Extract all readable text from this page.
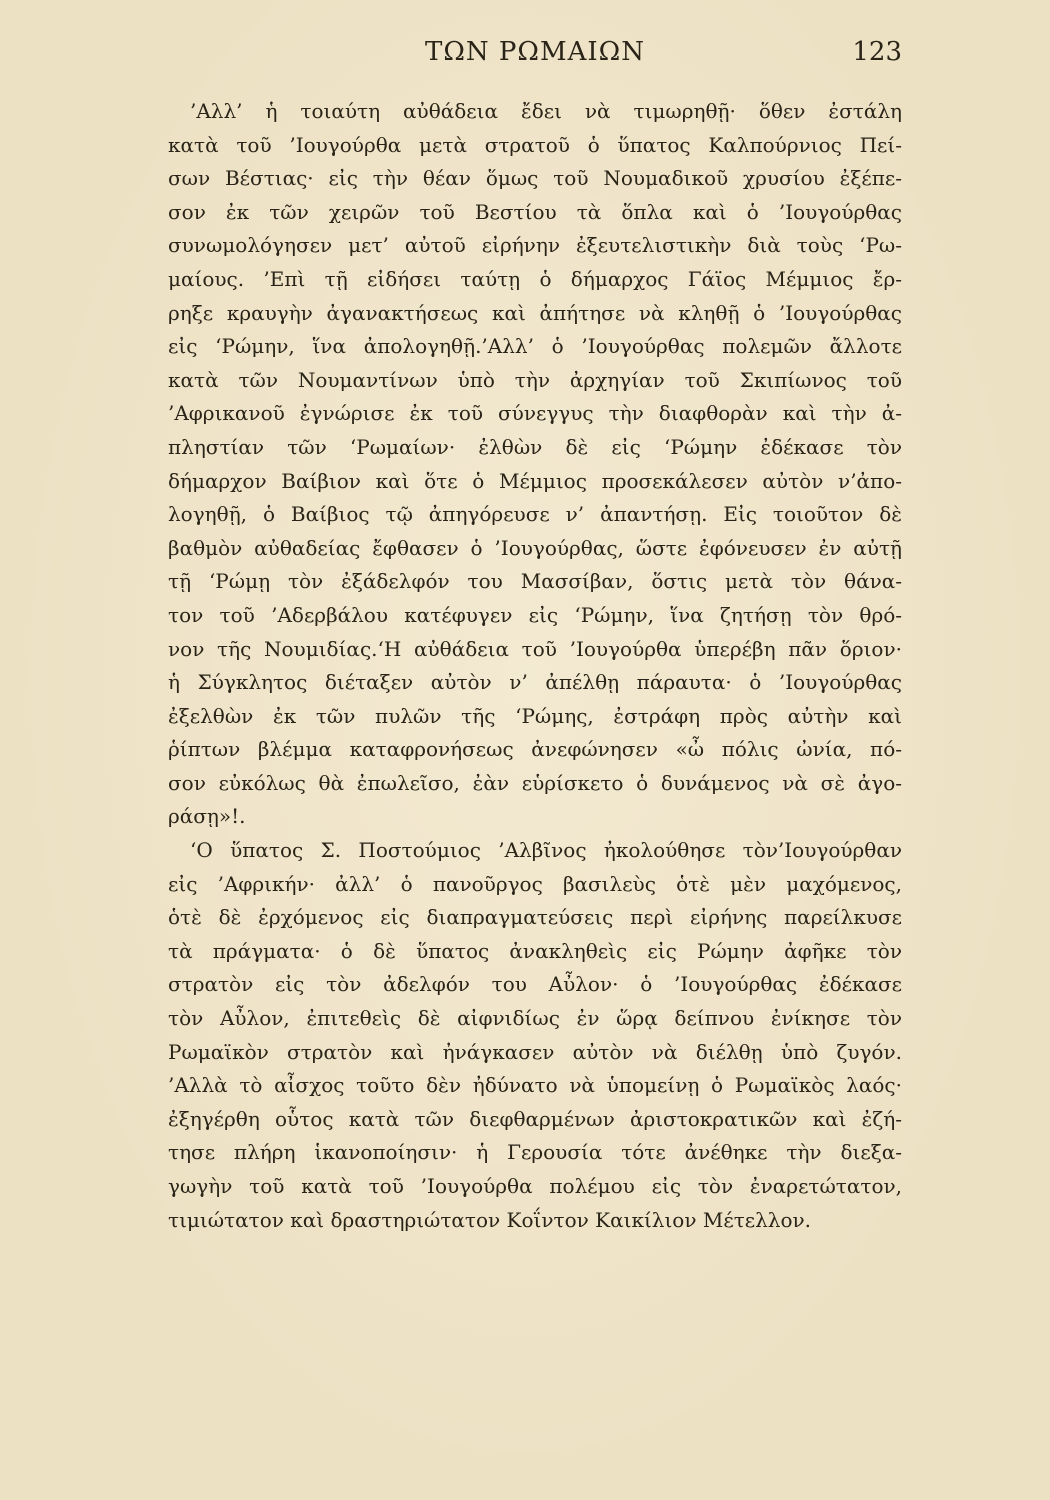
ΤΩΝ ΡΩΜΑΙΩΝ	123
’Αλλ’ ἡ τοιαύτη αὐθάδεια ἔδει νὰ τιμωρηθῇ· ὅθεν ἐστάλη
κατὰ τοῦ ’Ιουγούρθα μετὰ στρατοῦ ὁ ὕπατος Καλπούρνιος Πεί-
σων Βέστιας· εἰς τὴν θέαν ὅμως τοῦ Νουμαδικοῦ χρυσίου ἐξέπε-
σον ἐκ τῶν χειρῶν τοῦ Βεστίου τὰ ὅπλα καὶ ὁ ’Ιουγούρθας
συνωμολόγησεν μετ’ αὐτοῦ εἰρήνην ἐξευτελιστικὴν διὰ τοὺς ‘Ρω-
μαίους. ’Επὶ τῇ εἰδήσει ταύτῃ ὁ δήμαρχος Γάϊος Μέμμιος ἔρ-
ρηξε κραυγὴν ἀγανακτήσεως καὶ ἀπήτησε νὰ κληθῇ ὁ ’Ιουγούρθας
εἰς ‘Ρώμην, ἵνα ἀπολογηθῇ.’Αλλ’ ὁ ’Ιουγούρθας πολεμῶν ἄλλοτε
κατὰ τῶν Νουμαντίνων ὑπὸ τὴν ἀρχηγίαν τοῦ Σκιπίωνος τοῦ
’Αφρικανοῦ ἐγνώρισε ἐκ τοῦ σύνεγγυς τὴν διαφθορὰν καὶ τὴν ἀ-
πληστίαν τῶν ‘Ρωμαίων· ἐλθὼν δὲ εἰς ‘Ρώμην ἐδέκασε τὸν
δήμαρχον Βαίβιον καὶ ὅτε ὁ Μέμμιος προσεκάλεσεν αὐτὸν ν’ἀπο-
λογηθῇ, ὁ Βαίβιος τῷ ἀπηγόρευσε ν’ ἀπαντήσῃ. Εἰς τοιοῦτον δὲ
βαθμὸν αὐθαδείας ἔφθασεν ὁ ’Ιουγούρθας, ὥστε ἐφόνευσεν ἐν αὐτῇ
τῇ ‘Ρώμῃ τὸν ἐξάδελφόν του Μασσίβαν, ὅστις μετὰ τὸν θάνα-
τον τοῦ ’Αδερβάλου κατέφυγεν εἰς ‘Ρώμην, ἵνα ζητήσῃ τὸν θρό-
νον τῆς Νουμιδίας.‘Η αὐθάδεια τοῦ ’Ιουγούρθα ὑπερέβη πᾶν ὅριον·
ἡ Σύγκλητος διέταξεν αὐτὸν ν’ ἀπέλθῃ πάραυτα· ὁ ’Ιουγούρθας
ἐξελθὼν ἐκ τῶν πυλῶν τῆς ‘Ρώμης, ἐστράφη πρὸς αὐτὴν καὶ
ῥίπτων βλέμμα καταφρονήσεως ἀνεφώνησεν «ὦ πόλις ὠνία, πό-
σον εὐκόλως θὰ ἐπωλεῖσο, ἐὰν εὑρίσκετο ὁ δυνάμενος νὰ σὲ ἀγο-
ράσῃ»!.
‘Ο ὕπατος Σ. Ποστούμιος ’Αλβῖνος ἠκολούθησε τὸν’Ιουγούρθαν
εἰς ’Αφρικήν· ἀλλ’ ὁ πανοῦργος βασιλεὺς ὁτὲ μὲν μαχόμενος,
ὁτὲ δὲ ἐρχόμενος εἰς διαπραγματεύσεις περὶ εἰρήνης παρείλκυσε
τὰ πράγματα· ὁ δὲ ὕπατος ἀνακληθεὶς εἰς Ρώμην ἀφῆκε τὸν
στρατὸν εἰς τὸν ἀδελφόν του Αὖλον· ὁ ’Ιουγούρθας ἐδέκασε
τὸν Αὖλον, ἐπιτεθεὶς δὲ αἰφνιδίως ἐν ὥρᾳ δείπνου ἐνίκησε τὸν
Ρωμαϊκὸν στρατὸν καὶ ἠνάγκασεν αὐτὸν νὰ διέλθῃ ὑπὸ ζυγόν.
’Αλλὰ τὸ αἶσχος τοῦτο δὲν ἠδύνατο νὰ ὑπομείνῃ ὁ Ρωμαϊκὸς λαός·
ἐξηγέρθη οὗτος κατὰ τῶν διεφθαρμένων ἀριστοκρατικῶν καὶ ἐζή-
τησε πλήρη ἱκανοποίησιν· ἡ Γερουσία τότε ἀνέθηκε τὴν διεξα-
γωγὴν τοῦ κατὰ τοῦ ’Ιουγούρθα πολέμου εἰς τὸν ἐναρετώτατον,
τιμιώτατον καὶ δραστηριώτατον Κοΐντον Καικίλιον Μέτελλον.
